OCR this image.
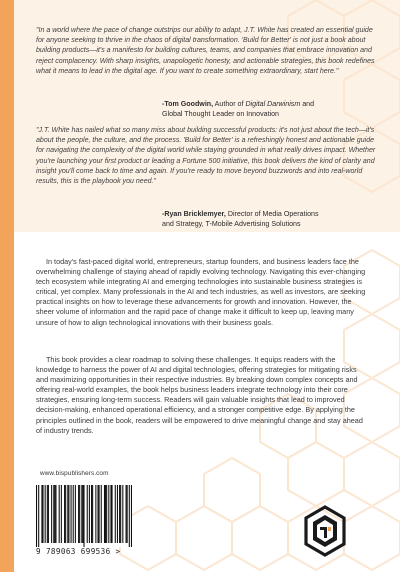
"In a world where the pace of change outstrips our ability to adapt, J.T. White has created an essential guide for anyone seeking to thrive in the chaos of digital transformation. 'Build for Better' is not just a book about building products—it's a manifesto for building cultures, teams, and companies that embrace innovation and reject complacency. With sharp insights, unapologetic honesty, and actionable strategies, this book redefines what it means to lead in the digital age. If you want to create something extraordinary, start here."
-Tom Goodwin, Author of Digital Darwinism and
Global Thought Leader on Innovation
"J.T. White has nailed what so many miss about building successful products: it's not just about the tech—it's about the people, the culture, and the process. 'Build for Better' is a refreshingly honest and actionable guide for navigating the complexity of the digital world while staying grounded in what really drives impact. Whether you're launching your first product or leading a Fortune 500 initiative, this book delivers the kind of clarity and insight you'll come back to time and again. If you're ready to move beyond buzzwords and into real-world results, this is the playbook you need."
-Ryan Bricklemyer, Director of Media Operations
and Strategy, T-Mobile Advertising Solutions
In today's fast-paced digital world, entrepreneurs, startup founders, and business leaders face the overwhelming challenge of staying ahead of rapidly evolving technology. Navigating this ever-changing tech ecosystem while integrating AI and emerging technologies into sustainable business strategies is critical, yet complex. Many professionals in the AI and tech industries, as well as investors, are seeking practical insights on how to leverage these advancements for growth and innovation. However, the sheer volume of information and the rapid pace of change make it difficult to keep up, leaving many unsure of how to align technological innovations with their business goals.
This book provides a clear roadmap to solving these challenges. It equips readers with the knowledge to harness the power of AI and digital technologies, offering strategies for mitigating risks and maximizing opportunities in their respective industries. By breaking down complex concepts and offering real-world examples, the book helps business leaders integrate technology into their core strategies, ensuring long-term success. Readers will gain valuable insights that lead to improved decision-making, enhanced operational efficiency, and a stronger competitive edge. By applying the principles outlined in the book, readers will be empowered to drive meaningful change and stay ahead of industry trends.
www.bispublishers.com
9 789063 699536 >
